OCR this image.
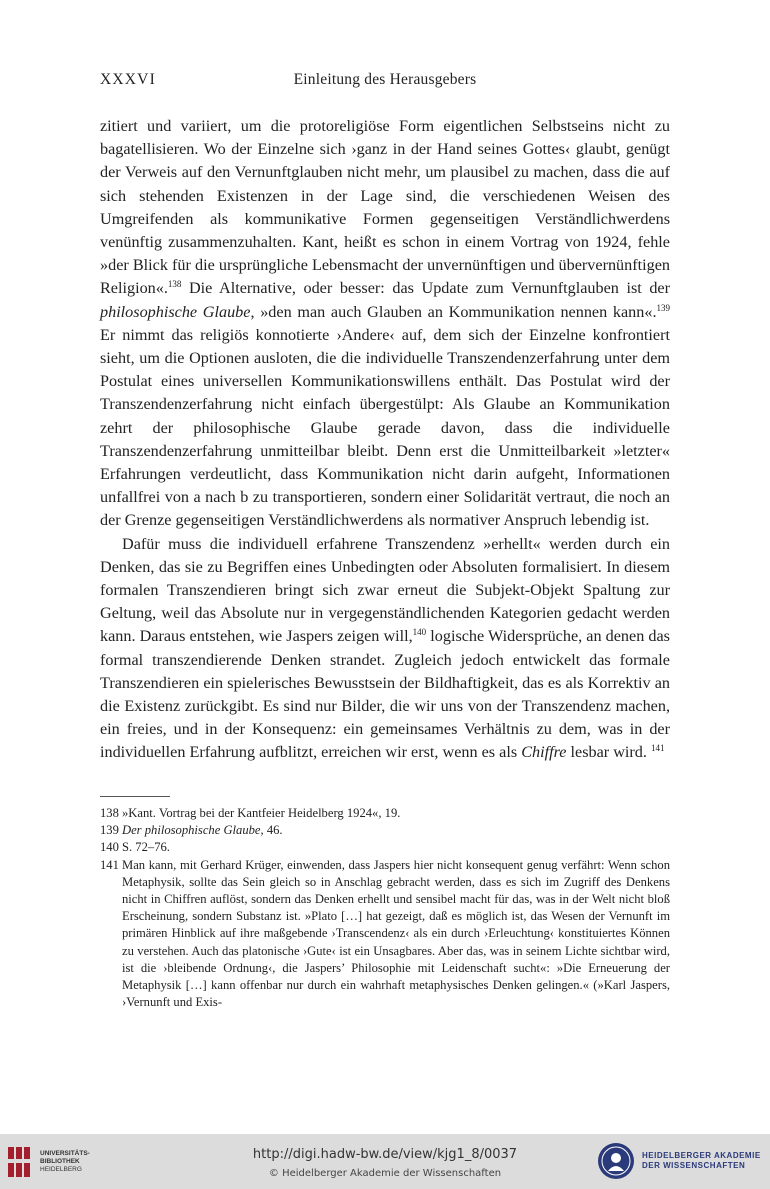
XXXVI	Einleitung des Herausgebers

zitiert und variiert, um die protoreligiöse Form eigentlichen Selbstseins nicht zu bagatellisieren. Wo der Einzelne sich ›ganz in der Hand seines Gottes‹ glaubt, genügt der Verweis auf den Vernunftglauben nicht mehr, um plausibel zu machen, dass die auf sich stehenden Existenzen in der Lage sind, die verschiedenen Weisen des Umgreifenden als kommunikative Formen gegenseitigen Verständlichwerdens venünftig zusammenzuhalten. Kant, heißt es schon in einem Vortrag von 1924, fehle »der Blick für die ursprüngliche Lebensmacht der unvernünftigen und übervernünftigen Religion«.$^{138}$ Die Alternative, oder besser: das Update zum Vernunftglauben ist der philosophische Glaube, »den man auch Glauben an Kommunikation nennen kann«.$^{139}$ Er nimmt das religiös konnotierte ›Andere‹ auf, dem sich der Einzelne konfrontiert sieht, um die Optionen ausloten, die die individuelle Transzendenzerfahrung unter dem Postulat eines universellen Kommunikationswillens enthält. Das Postulat wird der Transzendenzerfahrung nicht einfach übergestülpt: Als Glaube an Kommunikation zehrt der philosophische Glaube gerade davon, dass die individuelle Transzendenzerfahrung unmitteilbar bleibt. Denn erst die Unmitteilbarkeit »letzter« Erfahrungen verdeutlicht, dass Kommunikation nicht darin aufgeht, Informationen unfallfrei von a nach b zu transportieren, sondern einer Solidarität vertraut, die noch an der Grenze gegenseitigen Verständlichwerdens als normativer Anspruch lebendig ist.

Dafür muss die individuell erfahrene Transzendenz »erhellt« werden durch ein Denken, das sie zu Begriffen eines Unbedingten oder Absoluten formalisiert. In diesem formalen Transzendieren bringt sich zwar erneut die Subjekt-Objekt Spaltung zur Geltung, weil das Absolute nur in vergegenständlichenden Kategorien gedacht werden kann. Daraus entstehen, wie Jaspers zeigen will,$^{140}$ logische Widersprüche, an denen das formal transzendierende Denken strandet. Zugleich jedoch entwickelt das formale Transzendieren ein spielerisches Bewusstsein der Bildhaftigkeit, das es als Korrektiv an die Existenz zurückgibt. Es sind nur Bilder, die wir uns von der Transzendenz machen, ein freies, und in der Konsequenz: ein gemeinsames Verhältnis zu dem, was in der individuellen Erfahrung aufblitzt, erreichen wir erst, wenn es als Chiffre lesbar wird. $^{141}$

138 »Kant. Vortrag bei der Kantfeier Heidelberg 1924«, 19.
139 Der philosophische Glaube, 46.
140 S. 72–76.
141 Man kann, mit Gerhard Krüger, einwenden, dass Jaspers hier nicht konsequent genug verfährt: Wenn schon Metaphysik, sollte das Sein gleich so in Anschlag gebracht werden, dass es sich im Zugriff des Denkens nicht in Chiffren auflöst, sondern das Denken erhellt und sensibel macht für das, was in der Welt nicht bloß Erscheinung, sondern Substanz ist. »Plato […] hat gezeigt, daß es möglich ist, das Wesen der Vernunft im primären Hinblick auf ihre maßgebende ›Transcendenz‹ als ein durch ›Erleuchtung‹ konstituiertes Können zu verstehen. Auch das platonische ›Gute‹ ist ein Unsagbares. Aber das, was in seinem Lichte sichtbar wird, ist die ›bleibende Ordnung‹, die Jaspers’ Philosophie mit Leidenschaft sucht«: »Die Erneuerung der Metaphysik […] kann offenbar nur durch ein wahrhaft metaphysisches Denken gelingen.« (»Karl Jaspers, ›Vernunft und Exis-
UNIVERSITÄTS-
BIBLIOTHEK
HEIDELBERG
http://digi.hadw-bw.de/view/kjg1_8/0037
© Heidelberger Akademie der Wissenschaften
HEIDELBERGER AKADEMIE
DER WISSENSCHAFTEN
